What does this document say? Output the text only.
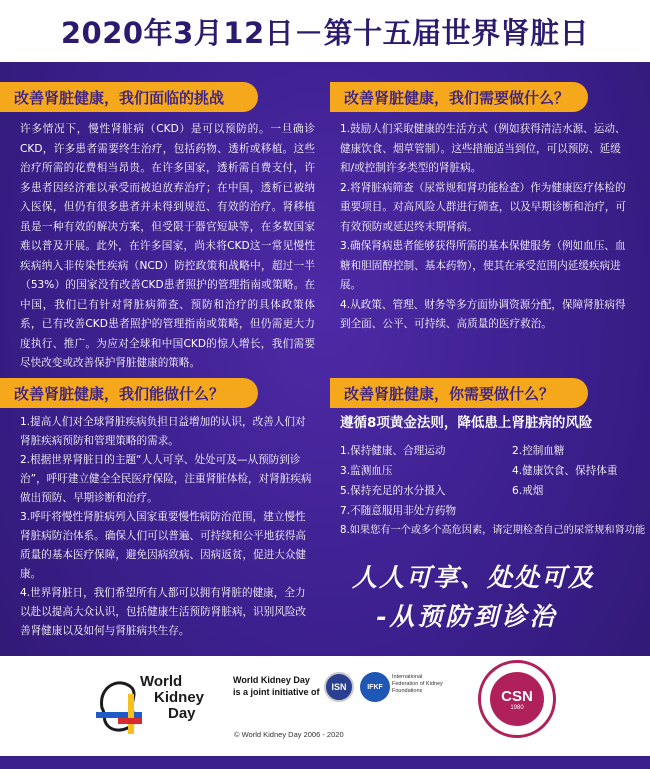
2020年3月12日－第十五届世界肾脏日
改善肾脏健康，我们面临的挑战

许多情况下，慢性肾脏病（CKD）是可以预防的。一旦确诊CKD，许多患者需要终生治疗，包括药物、透析或移植。这些治疗所需的花费相当昂贵。在许多国家，透析需自费支付，许多患者因经济难以承受而被迫放弃治疗；在中国，透析已被纳入医保，但仍有很多患者并未得到规范、有效的治疗。肾移植虽是一种有效的解决方案，但受限于器官短缺等，在多数国家难以普及开展。此外，在许多国家，尚未将CKD这一常见慢性疾病纳入非传染性疾病（NCD）防控政策和战略中，超过一半（53%）的国家没有改善CKD患者照护的管理指南或策略。在中国，我们已有针对肾脏病筛查、预防和治疗的具体政策体系，已有改善CKD患者照护的管理指南或策略，但仍需更大力度执行、推广。为应对全球和中国CKD的惊人增长，我们需要尽快改变或改善保护肾脏健康的策略。

改善肾脏健康，我们需要做什么？
1.鼓励人们采取健康的生活方式（例如获得清洁水源、运动、健康饮食、烟草管制）。这些措施适当到位，可以预防、延缓和/或控制许多类型的肾脏病。
2.将肾脏病筛查（尿常规和肾功能检查）作为健康医疗体检的重要项目。对高风险人群进行筛查，以及早期诊断和治疗，可有效预防或延迟终末期肾病。
3.确保肾病患者能够获得所需的基本保健服务（例如血压、血糖和胆固醇控制、基本药物），使其在承受范围内延缓疾病进展。
4.从政策、管理、财务等多方面协调资源分配，保障肾脏病得到全面、公平、可持续、高质量的医疗救治。
改善肾脏健康，我们能做什么？
1.提高人们对全球肾脏疾病负担日益增加的认识，改善人们对肾脏疾病预防和管理策略的需求。
2.根据世界肾脏日的主题“人人可享、处处可及—从预防到诊治”，呼吁建立健全全民医疗保险，注重肾脏体检，对肾脏疾病做出预防、早期诊断和治疗。
3.呼吁将慢性肾脏病列入国家重要慢性病防治范围，建立慢性肾脏病防治体系。确保人们可以普遍、可持续和公平地获得高质量的基本医疗保障，避免因病致病、因病返贫，促进大众健康。
4.世界肾脏日，我们希望所有人都可以拥有肾脏的健康，全力以赴以提高大众认识，包括健康生活预防肾脏病，识别风险改善肾健康以及如何与肾脏病共生存。
改善肾脏健康，你需要做什么？
遵循8项黄金法则，降低患上肾脏病的风险
1.保持健康、合理运动	2.控制血糖
3.监测血压	4.健康饮食、保持体重
5.保持充足的水分摄入	6.戒烟
7.不随意服用非处方药物
8.如果您有一个或多个高危因素，请定期检查自己的尿常规和肾功能
人人可享、处处可及
-从预防到诊治
World
Kidney
Day
World Kidney Day
is a joint initiative of ISN	IFKF
International Federation of Kidney Foundations
© World Kidney Day 2006 - 2020
CSN
1980
